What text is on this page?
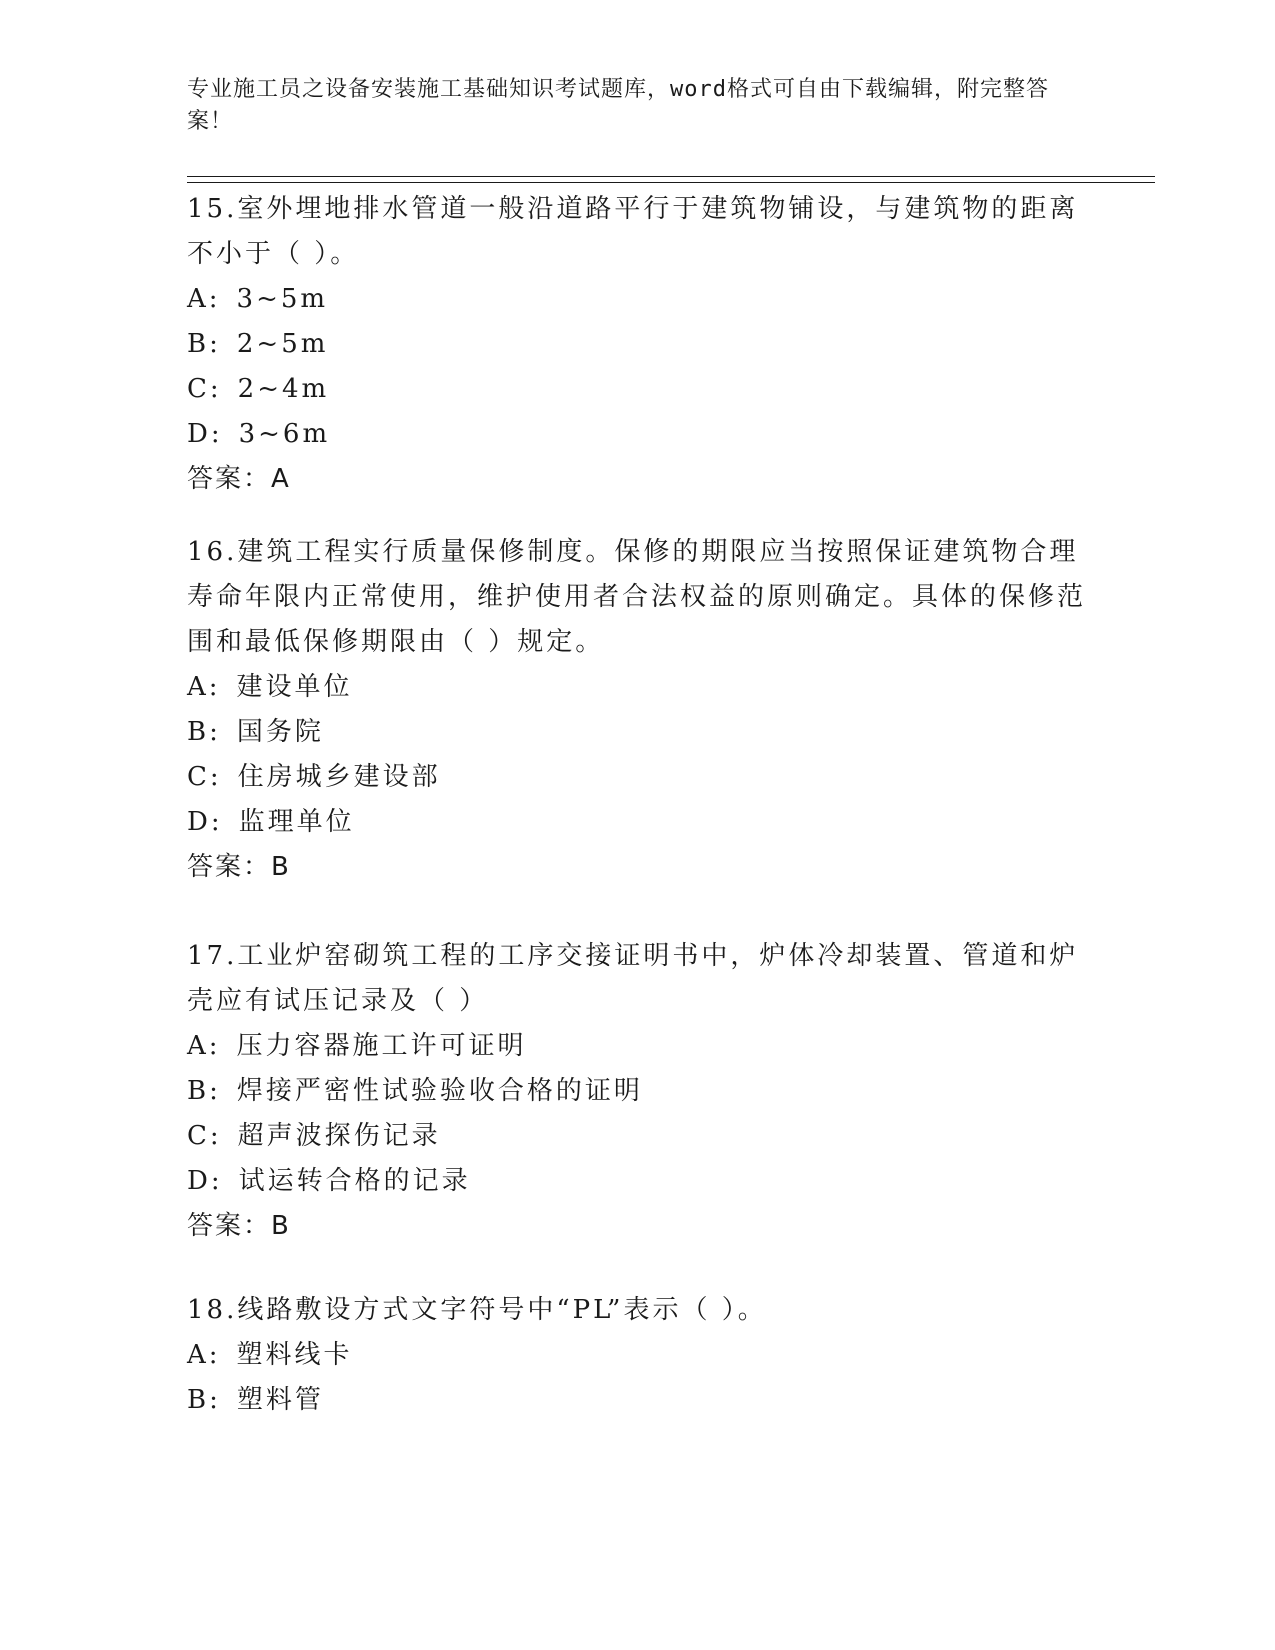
专业施工员之设备安装施工基础知识考试题库，word格式可自由下载编辑，附完整答案！
15.室外埋地排水管道一般沿道路平行于建筑物铺设，与建筑物的距离不小于（ ）。
A: 3~5m
B: 2~5m
C: 2~4m
D: 3~6m
答案：A
16.建筑工程实行质量保修制度。保修的期限应当按照保证建筑物合理寿命年限内正常使用，维护使用者合法权益的原则确定。具体的保修范围和最低保修期限由（ ）规定。
A: 建设单位
B: 国务院
C: 住房城乡建设部
D: 监理单位
答案：B
17.工业炉窑砌筑工程的工序交接证明书中，炉体冷却装置、管道和炉壳应有试压记录及（ ）
A: 压力容器施工许可证明
B: 焊接严密性试验验收合格的证明
C: 超声波探伤记录
D: 试运转合格的记录
答案：B
18.线路敷设方式文字符号中“PL”表示（ ）。
A: 塑料线卡
B: 塑料管
